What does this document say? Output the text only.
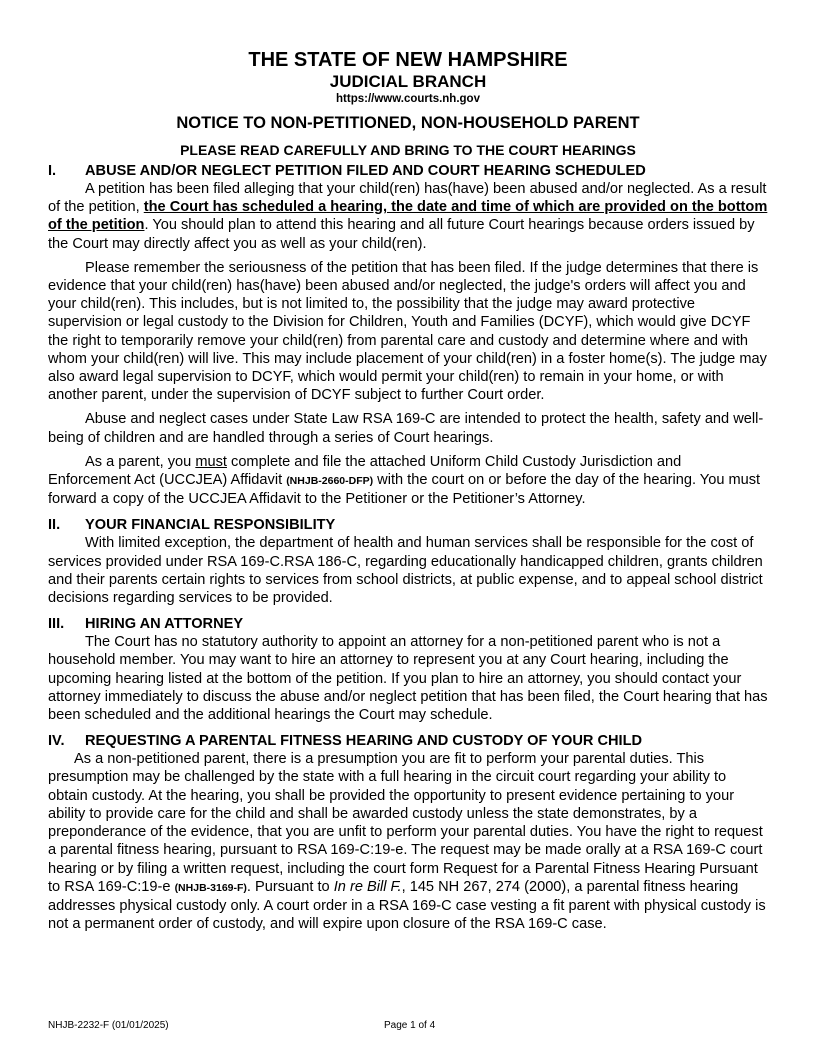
THE STATE OF NEW HAMPSHIRE
JUDICIAL BRANCH
https://www.courts.nh.gov
NOTICE TO NON-PETITIONED, NON-HOUSEHOLD PARENT
PLEASE READ CAREFULLY AND BRING TO THE COURT HEARINGS
I.	ABUSE AND/OR NEGLECT PETITION FILED AND COURT HEARING SCHEDULED

A petition has been filed alleging that your child(ren) has(have) been abused and/or neglected. As a result of the petition, the Court has scheduled a hearing, the date and time of which are provided on the bottom of the petition. You should plan to attend this hearing and all future Court hearings because orders issued by the Court may directly affect you as well as your child(ren).

Please remember the seriousness of the petition that has been filed. If the judge determines that there is evidence that your child(ren) has(have) been abused and/or neglected, the judge's orders will affect you and your child(ren). This includes, but is not limited to, the possibility that the judge may award protective supervision or legal custody to the Division for Children, Youth and Families (DCYF), which would give DCYF the right to temporarily remove your child(ren) from parental care and custody and determine where and with whom your child(ren) will live. This may include placement of your child(ren) in a foster home(s). The judge may also award legal supervision to DCYF, which would permit your child(ren) to remain in your home, or with another parent, under the supervision of DCYF subject to further Court order.

Abuse and neglect cases under State Law RSA 169-C are intended to protect the health, safety and well-being of children and are handled through a series of Court hearings.

As a parent, you must complete and file the attached Uniform Child Custody Jurisdiction and Enforcement Act (UCCJEA) Affidavit (NHJB-2660-DFP) with the court on or before the day of the hearing. You must forward a copy of the UCCJEA Affidavit to the Petitioner or the Petitioner’s Attorney.

II.	YOUR FINANCIAL RESPONSIBILITY

With limited exception, the department of health and human services shall be responsible for the cost of services provided under RSA 169-C.RSA 186-C, regarding educationally handicapped children, grants children and their parents certain rights to services from school districts, at public expense, and to appeal school district decisions regarding services to be provided.

III.	HIRING AN ATTORNEY

The Court has no statutory authority to appoint an attorney for a non-petitioned parent who is not a household member. You may want to hire an attorney to represent you at any Court hearing, including the upcoming hearing listed at the bottom of the petition. If you plan to hire an attorney, you should contact your attorney immediately to discuss the abuse and/or neglect petition that has been filed, the Court hearing that has been scheduled and the additional hearings the Court may schedule.

IV.	REQUESTING A PARENTAL FITNESS HEARING AND CUSTODY OF YOUR CHILD

As a non-petitioned parent, there is a presumption you are fit to perform your parental duties. This presumption may be challenged by the state with a full hearing in the circuit court regarding your ability to obtain custody. At the hearing, you shall be provided the opportunity to present evidence pertaining to your ability to provide care for the child and shall be awarded custody unless the state demonstrates, by a preponderance of the evidence, that you are unfit to perform your parental duties. You have the right to request a parental fitness hearing, pursuant to RSA 169-C:19-e. The request may be made orally at a RSA 169-C court hearing or by filing a written request, including the court form Request for a Parental Fitness Hearing Pursuant to RSA 169-C:19-e (NHJB-3169-F). Pursuant to In re Bill F., 145 NH 267, 274 (2000), a parental fitness hearing addresses physical custody only. A court order in a RSA 169-C case vesting a fit parent with physical custody is not a permanent order of custody, and will expire upon closure of the RSA 169-C case.

NHJB-2232-F (01/01/2025)	Page 1 of 4
